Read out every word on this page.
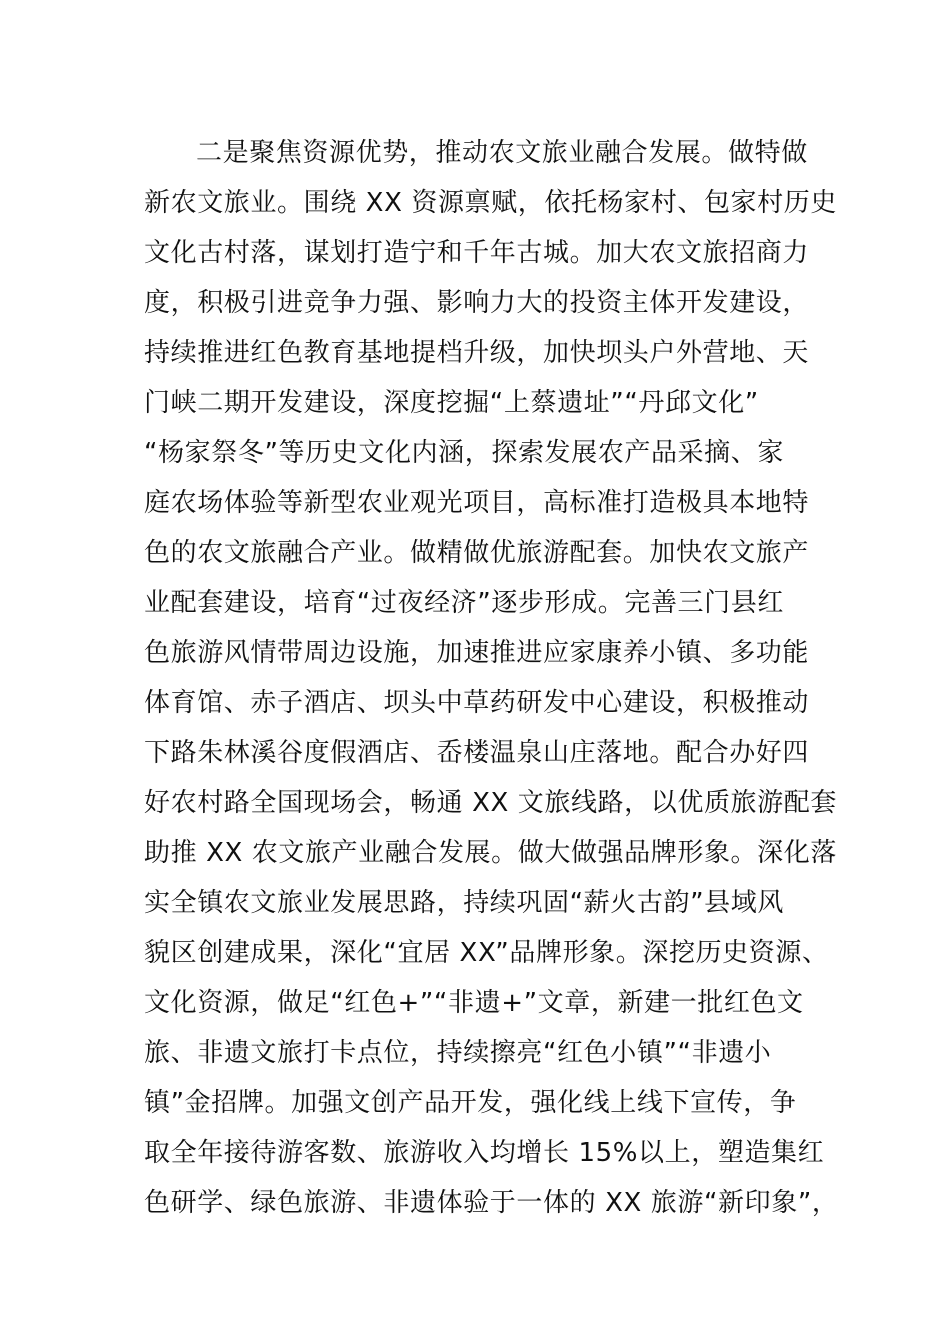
二是聚焦资源优势，推动农文旅业融合发展。做特做
新农文旅业。围绕 XX 资源禀赋，依托杨家村、包家村历史
文化古村落，谋划打造宁和千年古城。加大农文旅招商力
度，积极引进竞争力强、影响力大的投资主体开发建设，
持续推进红色教育基地提档升级，加快坝头户外营地、天
门峡二期开发建设，深度挖掘“上蔡遗址”“丹邱文化”
“杨家祭冬”等历史文化内涵，探索发展农产品采摘、家
庭农场体验等新型农业观光项目，高标准打造极具本地特
色的农文旅融合产业。做精做优旅游配套。加快农文旅产
业配套建设，培育“过夜经济”逐步形成。完善三门县红
色旅游风情带周边设施，加速推进应家康养小镇、多功能
体育馆、赤子酒店、坝头中草药研发中心建设，积极推动
下路朱林溪谷度假酒店、岙楼温泉山庄落地。配合办好四
好农村路全国现场会，畅通 XX 文旅线路，以优质旅游配套
助推 XX 农文旅产业融合发展。做大做强品牌形象。深化落
实全镇农文旅业发展思路，持续巩固“薪火古韵”县域风
貌区创建成果，深化“宜居 XX”品牌形象。深挖历史资源、
文化资源，做足“红色+”“非遗+”文章，新建一批红色文
旅、非遗文旅打卡点位，持续擦亮“红色小镇”“非遗小
镇”金招牌。加强文创产品开发，强化线上线下宣传，争
取全年接待游客数、旅游收入均增长 15%以上，塑造集红
色研学、绿色旅游、非遗体验于一体的 XX 旅游“新印象”，
